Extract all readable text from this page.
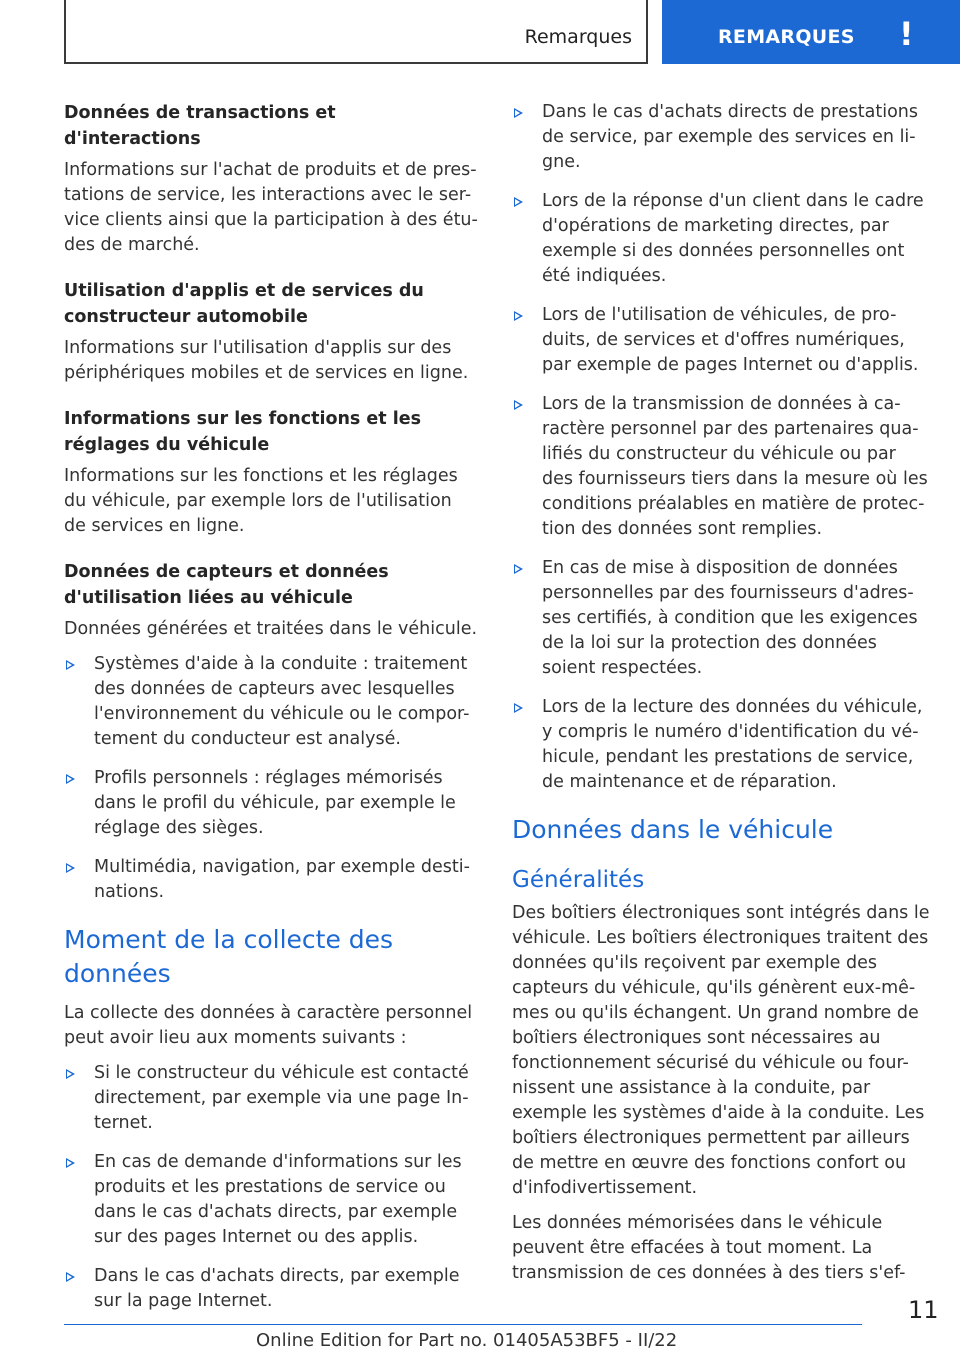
Remarques	REMARQUES !
Données de transactions et d'interactions
Informations sur l'achat de produits et de pres-tations de service, les interactions avec le ser-vice clients ainsi que la participation à des étu-des de marché.
Utilisation d'applis et de services du constructeur automobile
Informations sur l'utilisation d'applis sur des périphériques mobiles et de services en ligne.
Informations sur les fonctions et les réglages du véhicule
Informations sur les fonctions et les réglages du véhicule, par exemple lors de l'utilisation de services en ligne.
Données de capteurs et données d'utilisation liées au véhicule
Données générées et traitées dans le véhicule.
Systèmes d'aide à la conduite : traitement des données de capteurs avec lesquelles l'environnement du véhicule ou le compor-tement du conducteur est analysé.
Profils personnels : réglages mémorisés dans le profil du véhicule, par exemple le réglage des sièges.
Multimédia, navigation, par exemple desti-nations.
Moment de la collecte des données
La collecte des données à caractère personnel peut avoir lieu aux moments suivants :
Si le constructeur du véhicule est contacté directement, par exemple via une page In-ternet.
En cas de demande d'informations sur les produits et les prestations de service ou dans le cas d'achats directs, par exemple sur des pages Internet ou des applis.
Dans le cas d'achats directs, par exemple sur la page Internet.
Dans le cas d'achats directs de prestations de service, par exemple des services en li-gne.
Lors de la réponse d'un client dans le cadre d'opérations de marketing directes, par exemple si des données personnelles ont été indiquées.
Lors de l'utilisation de véhicules, de pro-duits, de services et d'offres numériques, par exemple de pages Internet ou d'applis.
Lors de la transmission de données à ca-ractère personnel par des partenaires qua-lifiés du constructeur du véhicule ou par des fournisseurs tiers dans la mesure où les conditions préalables en matière de protec-tion des données sont remplies.
En cas de mise à disposition de données personnelles par des fournisseurs d'adres-ses certifiés, à condition que les exigences de la loi sur la protection des données soient respectées.
Lors de la lecture des données du véhicule, y compris le numéro d'identification du vé-hicule, pendant les prestations de service, de maintenance et de réparation.
Données dans le véhicule
Généralités
Des boîtiers électroniques sont intégrés dans le véhicule. Les boîtiers électroniques traitent des données qu'ils reçoivent par exemple des capteurs du véhicule, qu'ils génèrent eux-mê-mes ou qu'ils échangent. Un grand nombre de boîtiers électroniques sont nécessaires au fonctionnement sécurisé du véhicule ou four-nissent une assistance à la conduite, par exemple les systèmes d'aide à la conduite. Les boîtiers électroniques permettent par ailleurs de mettre en œuvre des fonctions confort ou d'infodivertissement.
Les données mémorisées dans le véhicule peuvent être effacées à tout moment. La transmission de ces données à des tiers s'ef-
11
Online Edition for Part no. 01405A53BF5 - II/22
